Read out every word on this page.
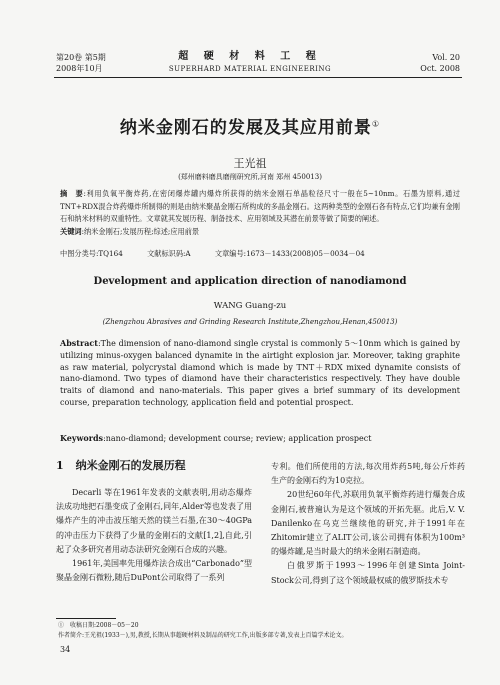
第20卷 第5期
2008年10月
超 硬 材 料 工 程
SUPERHARD MATERIAL ENGINEERING
Vol. 20
Oct. 2008
纳米金刚石的发展及其应用前景①
王光祖
(郑州磨料磨具磨削研究所,河南 郑州 450013)
摘　要:利用负氧平衡炸药,在密闭爆炸罐内爆炸所获得的纳米金刚石单晶粒径尺寸一般在5~10nm。石墨为原料,通过TNT+RDX混合炸药爆炸所制得的则是由纳米聚晶金刚石所构成的多晶金刚石。这两种类型的金刚石各有特点,它们均兼有金刚石和纳米材料的双重特性。文章就其发展历程、制备技术、应用领域及其潜在前景等做了简要的阐述。
关键词:纳米金刚石;发展历程;综述;应用前景
中图分类号:TQ164	文献标识码:A	文章编号:1673－1433(2008)05－0034－04
Development and application direction of nanodiamond
WANG Guang-zu
(Zhengzhou Abrasives and Grinding Research Institute,Zhengzhou,Henan,450013)
Abstract:The dimension of nano-diamond single crystal is commonly 5～10nm which is gained by utilizing minus-oxygen balanced dynamite in the airtight explosion jar. Moreover, taking graphite as raw material, polycrystal diamond which is made by TNT＋RDX mixed dynamite consists of nano-diamond. Two types of diamond have their characteristics respectively. They have double traits of diamond and nano-materials. This paper gives a brief summary of its development course, preparation technology, application field and potential prospect.
Keywords:nano-diamond; development course; review; application prospect
1 纳米金刚石的发展历程

Decarli 等在1961年发表的文献表明,用动态爆炸法成功地把石墨变成了金刚石,同年,Alder等也发表了用爆炸产生的冲击波压缩天然的镁兰石墨,在30～40GPa的冲击压力下获得了少量的金刚石的文献[1,2],自此,引起了众多研究者用动态法研究金刚石合成的兴趣。

1961年,美国率先用爆炸法合成出“Carbonado”型聚晶金刚石微粉,随后DuPont公司取得了一系列

专利。他们所使用的方法,每次用炸药5吨,每公斤炸药生产的金刚石约为10克拉。

20世纪60年代,苏联用负氧平衡炸药进行爆轰合成金刚石,被普遍认为是这个领域的开拓先驱。此后,V. V. Danilenko在乌克兰继续他的研究,并于1991年在Zhitomir建立了ALIT公司,该公司拥有体积为100m³的爆炸罐,是当时最大的纳米金刚石制造商。

白俄罗斯于1993～1996年创建Sinta Joint-Stock公司,得到了这个领域最权威的俄罗斯技术专

①　收稿日期:2008－05－20
作者简介:王光祖(1933－),男,教授,长期从事超硬材料及制品的研究工作,出版多部专著,发表上百篇学术论文。
34
